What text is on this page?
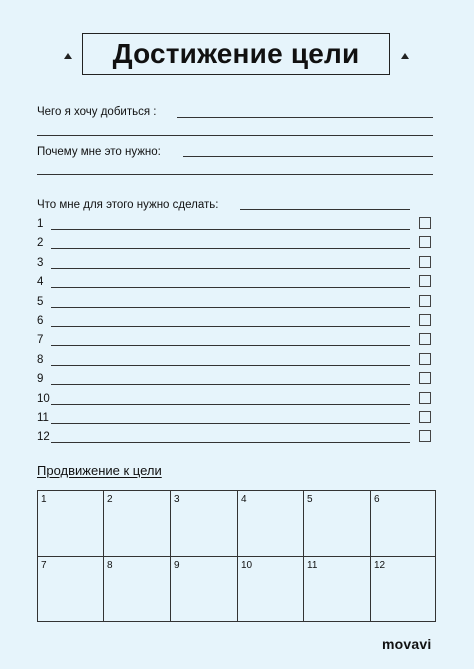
Достижение цели
Чего я хочу добиться :
Почему мне это нужно:
Что мне для этого нужно сделать:
1
2
3
4
5
6
7
8
9
10
11
12
Продвижение к цели
1	2	3	4	5	6
7	8	9	10	11	12
movavi
